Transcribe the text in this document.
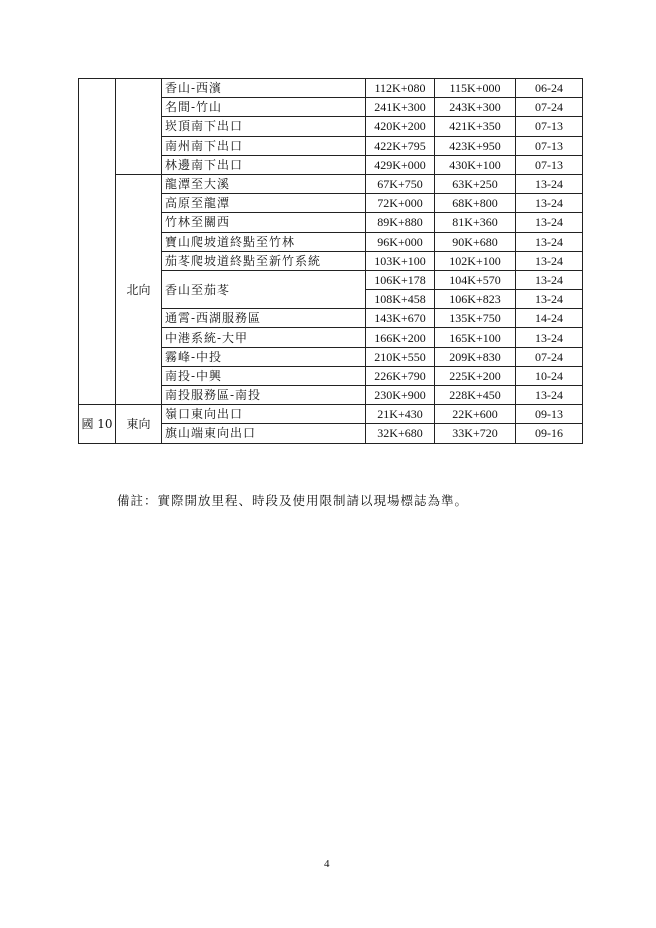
		香山-西濱	112K+080	115K+000	06-24
		名間-竹山	241K+300	243K+300	07-24
		崁頂南下出口	420K+200	421K+350	07-13
		南州南下出口	422K+795	423K+950	07-13
		林邊南下出口	429K+000	430K+100	07-13
	北向	龍潭至大溪	67K+750	63K+250	13-24
		高原至龍潭	72K+000	68K+800	13-24
		竹林至關西	89K+880	81K+360	13-24
		寶山爬坡道終點至竹林	96K+000	90K+680	13-24
		茄苳爬坡道終點至新竹系統	103K+100	102K+100	13-24
		香山至茄苳	106K+178	104K+570	13-24
			108K+458	106K+823	13-24
		通霄-西湖服務區	143K+670	135K+750	14-24
		中港系統-大甲	166K+200	165K+100	13-24
		霧峰-中投	210K+550	209K+830	07-24
		南投-中興	226K+790	225K+200	10-24
		南投服務區-南投	230K+900	228K+450	13-24
國 10	東向	嶺口東向出口	21K+430	22K+600	09-13
		旗山端東向出口	32K+680	33K+720	09-16
備註：實際開放里程、時段及使用限制請以現場標誌為準。
4
